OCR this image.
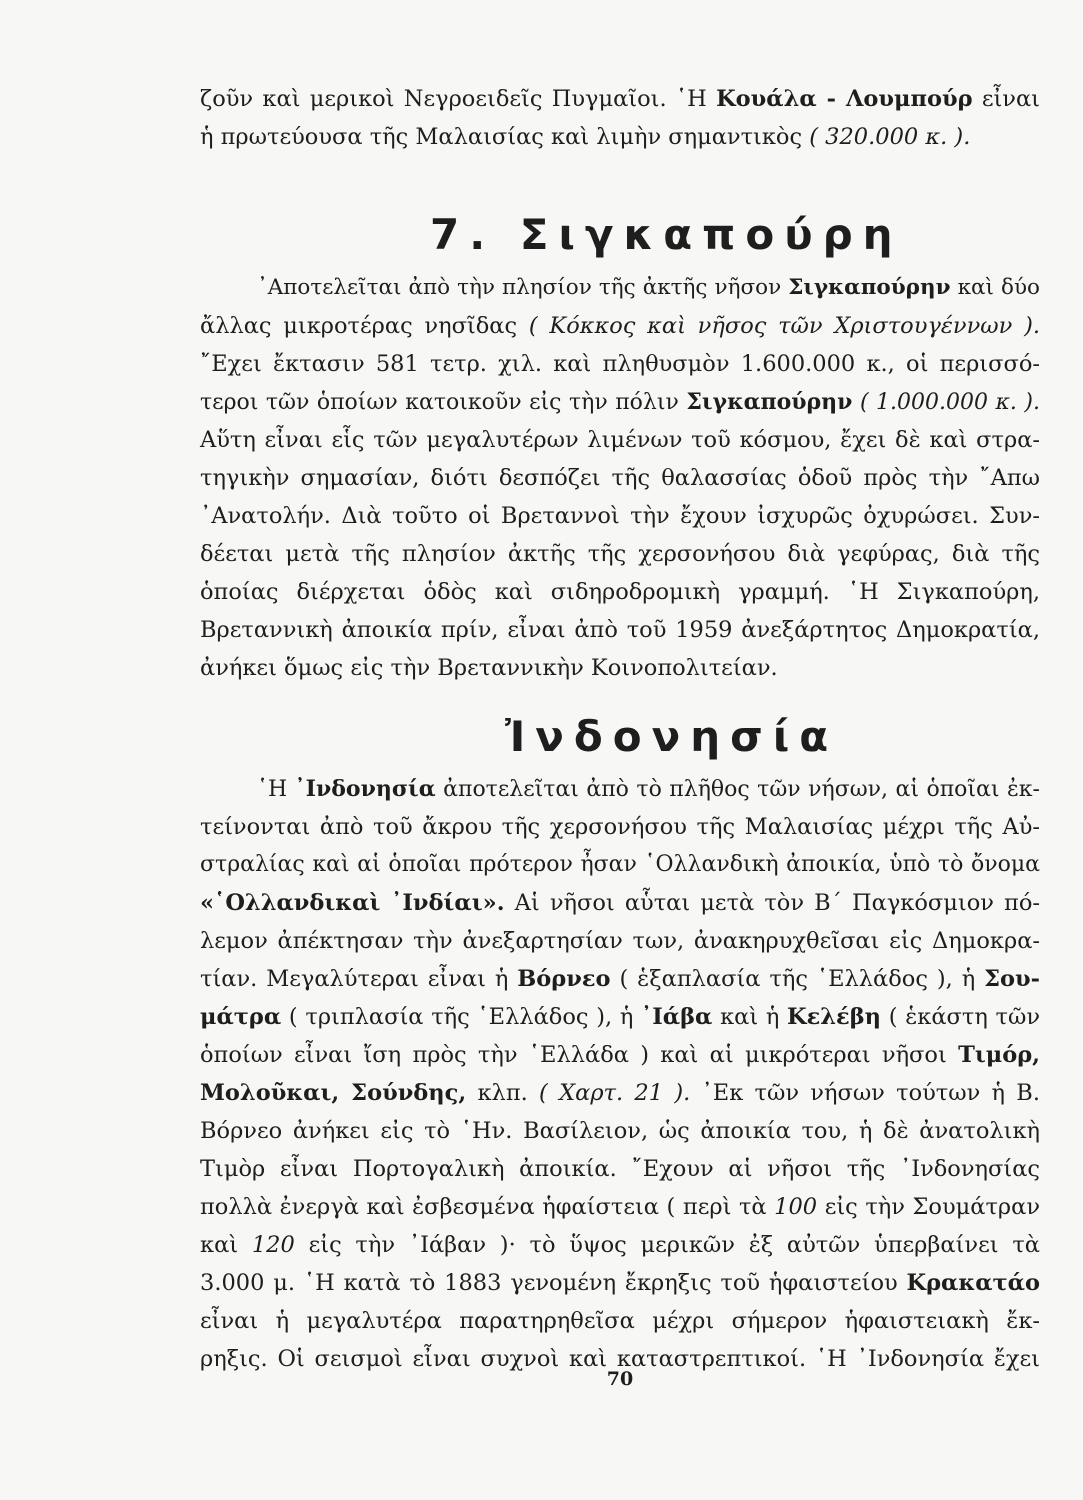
ζοῦν καὶ μερικοὶ Νεγροειδεῖς Πυγμαῖοι. ῾Η Κουάλα - Λουμπούρ εἶναι
ἡ πρωτεύουσα τῆς Μαλαισίας καὶ λιμὴν σημαντικὸς ( 320.000 κ. ).
7. Σιγκαπούρη
᾿Αποτελεῖται ἀπὸ τὴν πλησίον τῆς ἀκτῆς νῆσον Σιγκαπούρην καὶ δύο
ἄλλας μικροτέρας νησῖδας ( Κόκκος καὶ νῆσος τῶν Χριστουγέννων ).
῎Εχει ἔκτασιν 581 τετρ. χιλ. καὶ πληθυσμὸν 1.600.000 κ., οἱ περισσό-
τεροι τῶν ὁποίων κατοικοῦν εἰς τὴν πόλιν Σιγκαπούρην ( 1.000.000 κ. ).
Αὕτη εἶναι εἷς τῶν μεγαλυτέρων λιμένων τοῦ κόσμου, ἔχει δὲ καὶ στρα-
τηγικὴν σημασίαν, διότι δεσπόζει τῆς θαλασσίας ὁδοῦ πρὸς τὴν ῎Απω
᾿Ανατολήν. Διὰ τοῦτο οἱ Βρεταννοὶ τὴν ἔχουν ἰσχυρῶς ὀχυρώσει. Συν-
δέεται μετὰ τῆς πλησίον ἀκτῆς τῆς χερσονήσου διὰ γεφύρας, διὰ τῆς
ὁποίας διέρχεται ὁδὸς καὶ σιδηροδρομικὴ γραμμή. ῾Η Σιγκαπούρη,
Βρεταννικὴ ἀποικία πρίν, εἶναι ἀπὸ τοῦ 1959 ἀνεξάρτητος Δημοκρατία,
ἀνήκει ὅμως εἰς τὴν Βρεταννικὴν Κοινοπολιτείαν.
Ἰνδονησία
῾Η ᾿Ινδονησία ἀποτελεῖται ἀπὸ τὸ πλῆθος τῶν νήσων, αἱ ὁποῖαι ἐκ-
τείνονται ἀπὸ τοῦ ἄκρου τῆς χερσονήσου τῆς Μαλαισίας μέχρι τῆς Αὐ-
στραλίας καὶ αἱ ὁποῖαι πρότερον ἦσαν ῾Ολλανδικὴ ἀποικία, ὑπὸ τὸ ὄνομα
«῾Ολλανδικαὶ ᾿Ινδίαι». Αἱ νῆσοι αὗται μετὰ τὸν Β΄ Παγκόσμιον πό-
λεμον ἀπέκτησαν τὴν ἀνεξαρτησίαν των, ἀνακηρυχθεῖσαι εἰς Δημοκρα-
τίαν. Μεγαλύτεραι εἶναι ἡ Βόρνεο ( ἑξαπλασία τῆς ῾Ελλάδος ), ἡ Σου-
μάτρα ( τριπλασία τῆς ῾Ελλάδος ), ἡ ᾿Ιάβα καὶ ἡ Κελέβη ( ἑκάστη τῶν
ὁποίων εἶναι ἴση πρὸς τὴν ῾Ελλάδα ) καὶ αἱ μικρότεραι νῆσοι Τιμόρ,
Μολοῦκαι, Σούνδης, κλπ. ( Χαρτ. 21 ). ᾿Εκ τῶν νήσων τούτων ἡ Β.
Βόρνεο ἀνήκει εἰς τὸ ῾Ην. Βασίλειον, ὡς ἀποικία του, ἡ δὲ ἀνατολικὴ
Τιμὸρ εἶναι Πορτογαλικὴ ἀποικία. ῎Εχουν αἱ νῆσοι τῆς ᾿Ινδονησίας
πολλὰ ἐνεργὰ καὶ ἐσβεσμένα ἡφαίστεια ( περὶ τὰ 100 εἰς τὴν Σουμάτραν
καὶ 120 εἰς τὴν ᾿Ιάβαν )· τὸ ὕψος μερικῶν ἐξ αὐτῶν ὑπερβαίνει τὰ
3.000 μ. ῾Η κατὰ τὸ 1883 γενομένη ἔκρηξις τοῦ ἡφαιστείου Κρακατάο
εἶναι ἡ μεγαλυτέρα παρατηρηθεῖσα μέχρι σήμερον ἡφαιστειακὴ ἔκ-
ρηξις. Οἱ σεισμοὶ εἶναι συχνοὶ καὶ καταστρεπτικοί. ῾Η ᾿Ινδονησία ἔχει
70
